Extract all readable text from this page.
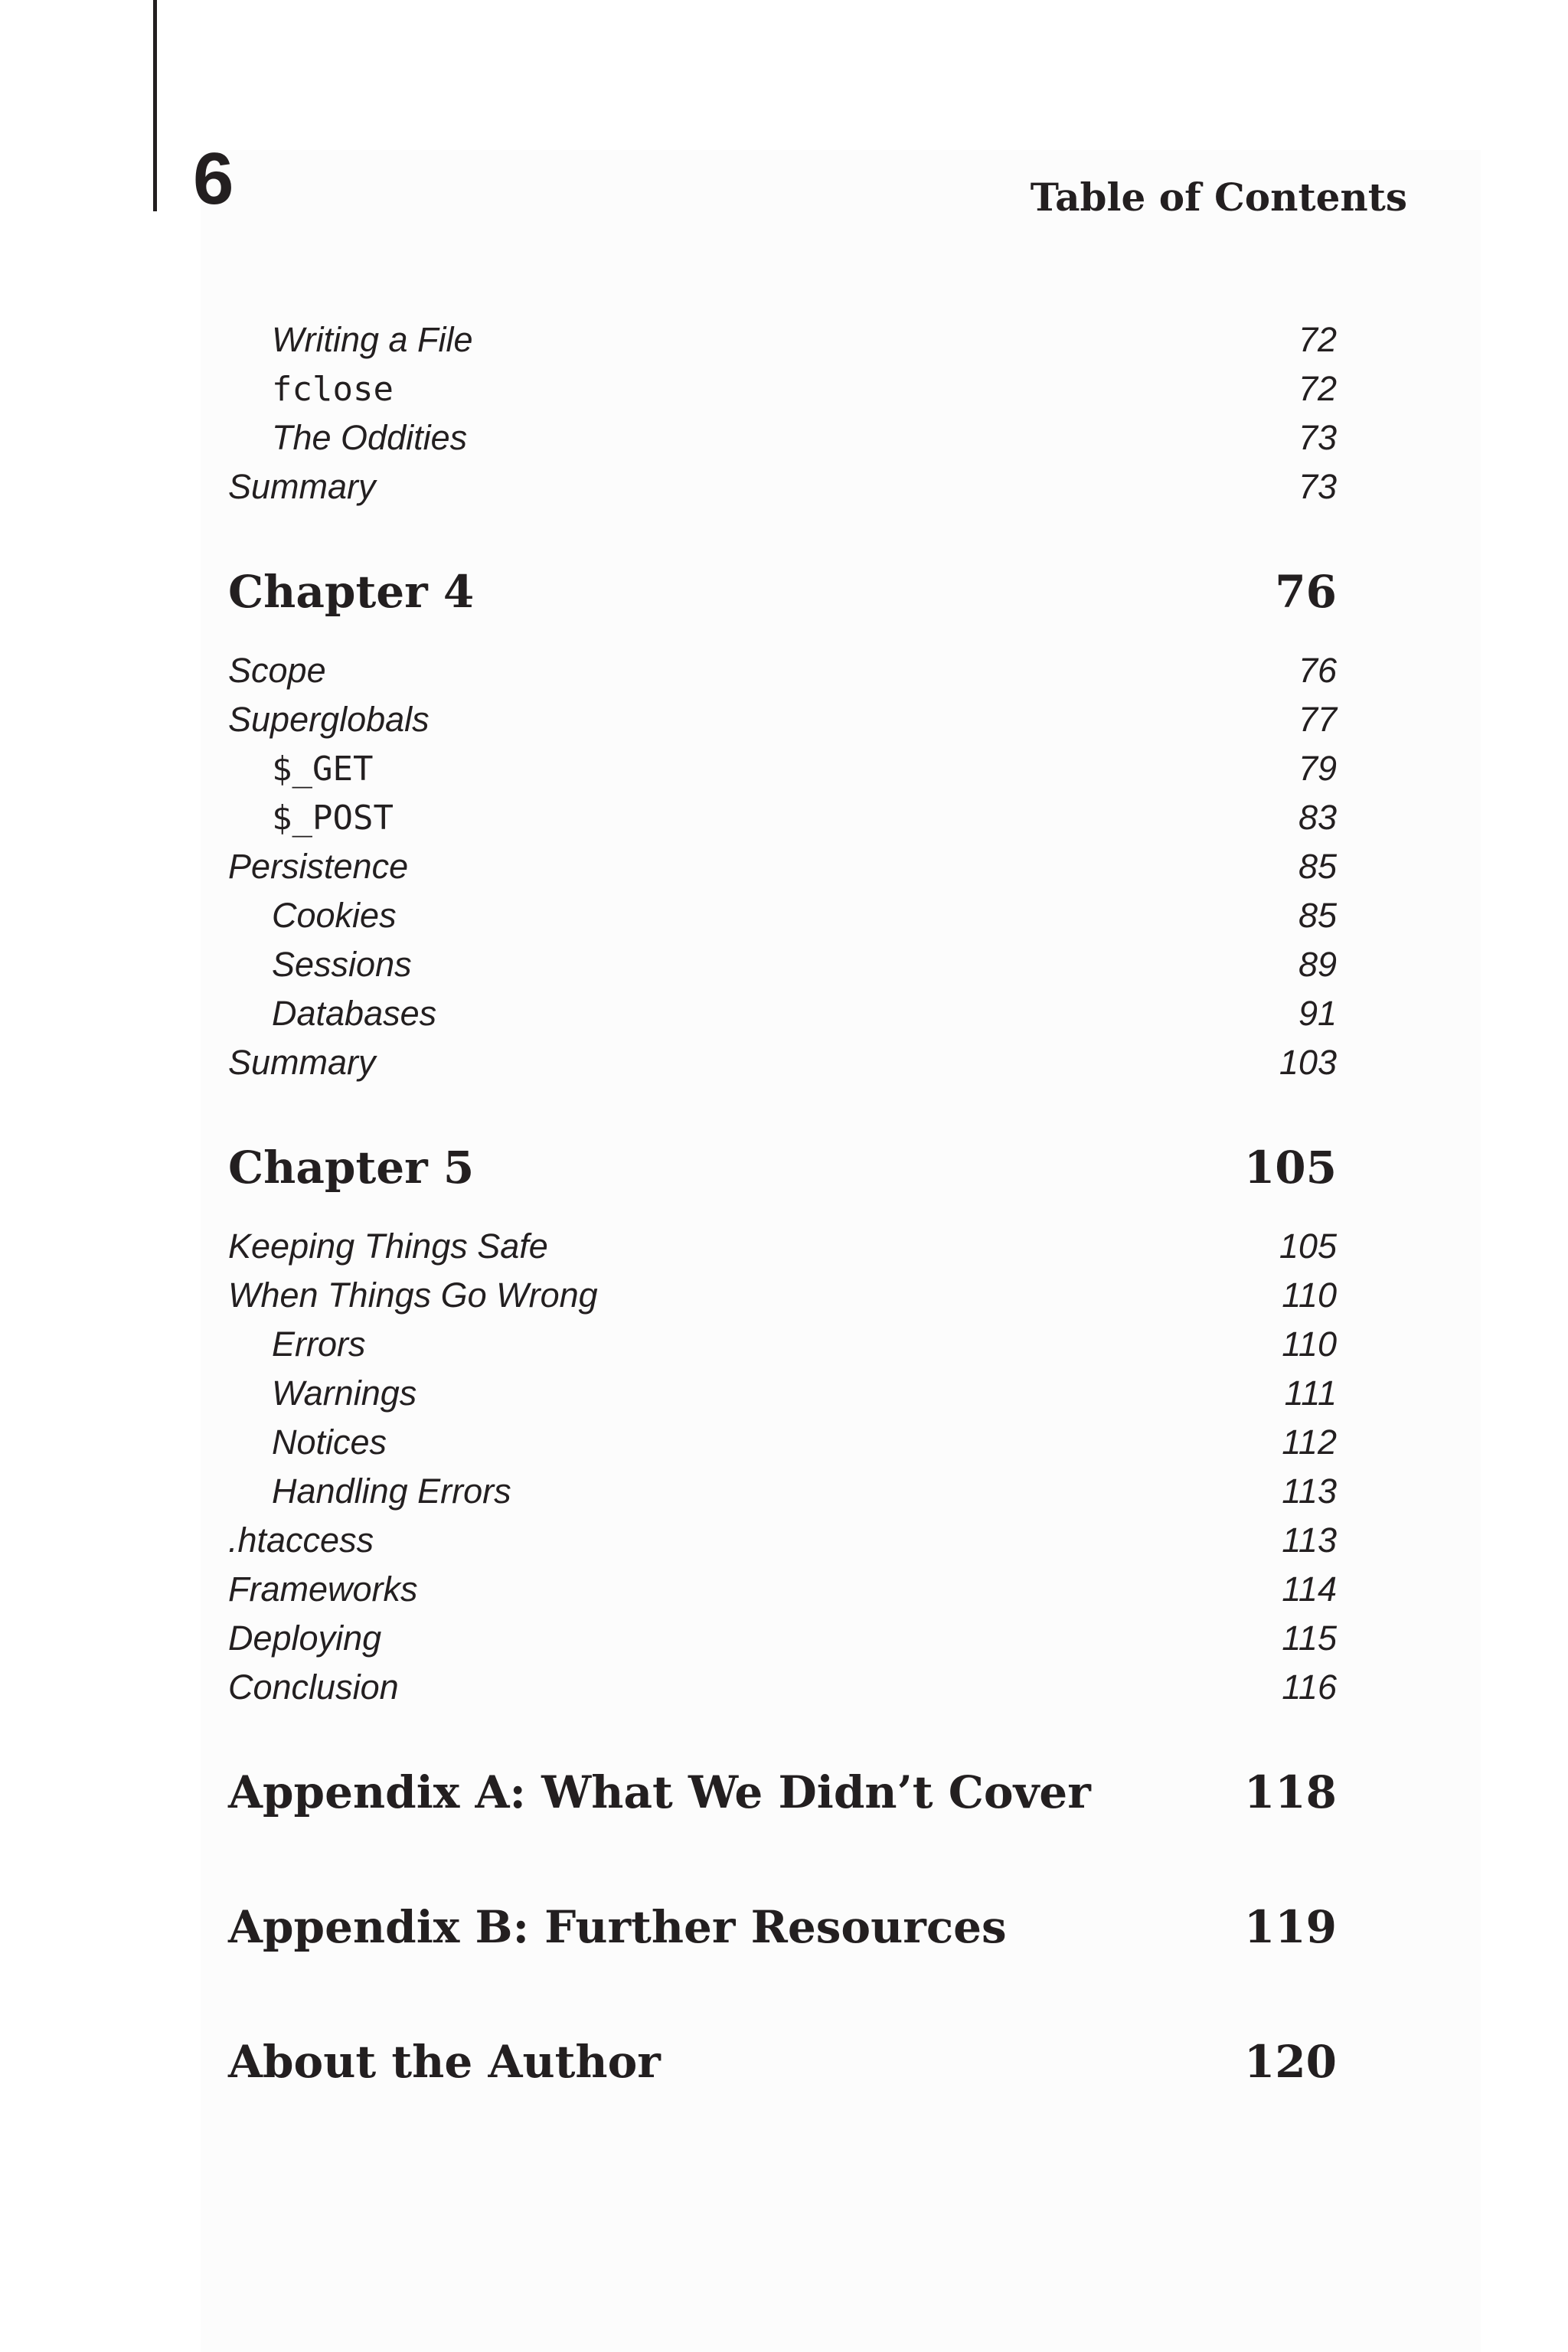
6	Table of Contents
Writing a File	72
fclose	72
The Oddities	73
Summary	73
Chapter 4	76
Scope	76
Superglobals	77
$_GET	79
$_POST	83
Persistence	85
Cookies	85
Sessions	89
Databases	91
Summary	103
Chapter 5	105
Keeping Things Safe	105
When Things Go Wrong	110
Errors	110
Warnings	111
Notices	112
Handling Errors	113
.htaccess	113
Frameworks	114
Deploying	115
Conclusion	116
Appendix A: What We Didn’t Cover	118
Appendix B: Further Resources	119
About the Author	120
